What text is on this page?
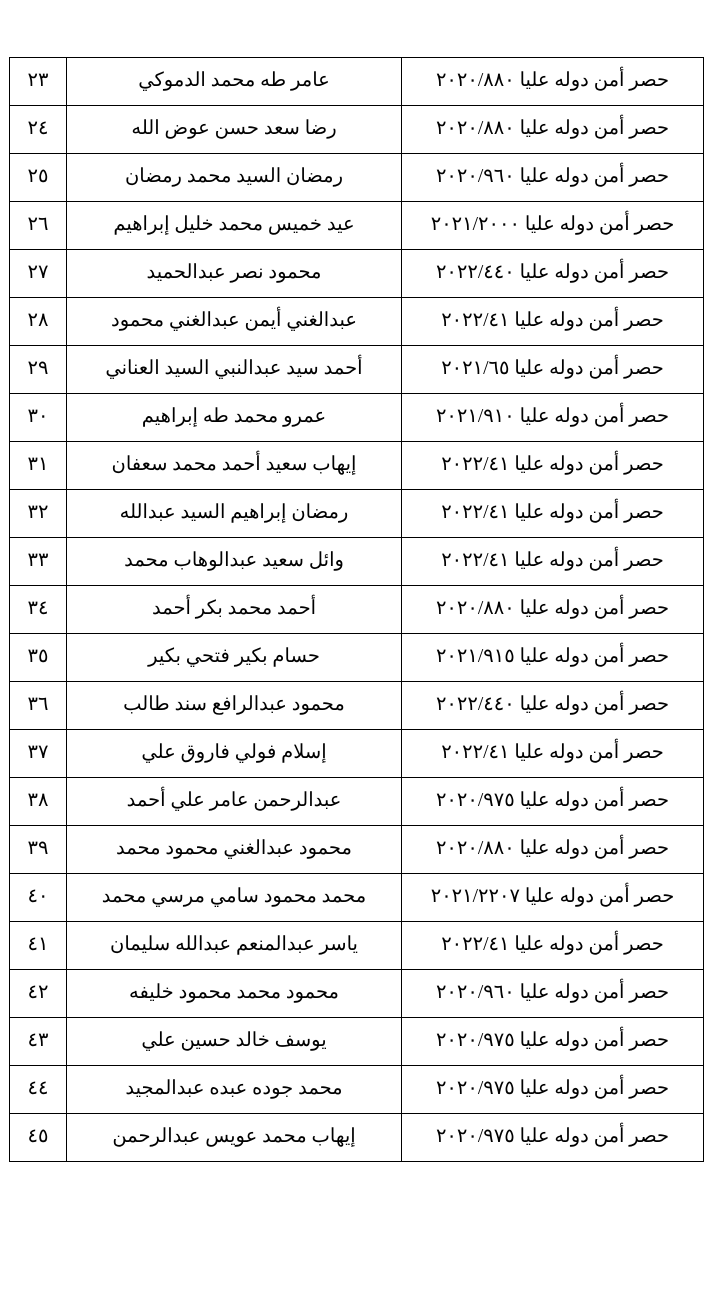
حصر أمن دوله عليا ٢٠٢٠/٨٨٠	عامر طه محمد الدموكي	٢٣
حصر أمن دوله عليا ٢٠٢٠/٨٨٠	رضا سعد حسن عوض الله	٢٤
حصر أمن دوله عليا ٢٠٢٠/٩٦٠	رمضان السيد محمد رمضان	٢٥
حصر أمن دوله عليا ٢٠٢١/٢٠٠٠	عيد خميس محمد خليل إبراهيم	٢٦
حصر أمن دوله عليا ٢٠٢٢/٤٤٠	محمود نصر عبدالحميد	٢٧
حصر أمن دوله عليا ٢٠٢٢/٤١	عبدالغني أيمن عبدالغني محمود	٢٨
حصر أمن دوله عليا ٢٠٢١/٦٥	أحمد سيد عبدالنبي السيد العناني	٢٩
حصر أمن دوله عليا ٢٠٢١/٩١٠	عمرو محمد طه إبراهيم	٣٠
حصر أمن دوله عليا ٢٠٢٢/٤١	إيهاب سعيد أحمد محمد سعفان	٣١
حصر أمن دوله عليا ٢٠٢٢/٤١	رمضان إبراهيم السيد عبدالله	٣٢
حصر أمن دوله عليا ٢٠٢٢/٤١	وائل سعيد عبدالوهاب محمد	٣٣
حصر أمن دوله عليا ٢٠٢٠/٨٨٠	أحمد محمد بكر أحمد	٣٤
حصر أمن دوله عليا ٢٠٢١/٩١٥	حسام بكير فتحي بكير	٣٥
حصر أمن دوله عليا ٢٠٢٢/٤٤٠	محمود عبدالرافع سند طالب	٣٦
حصر أمن دوله عليا ٢٠٢٢/٤١	إسلام فولي فاروق علي	٣٧
حصر أمن دوله عليا ٢٠٢٠/٩٧٥	عبدالرحمن عامر علي أحمد	٣٨
حصر أمن دوله عليا ٢٠٢٠/٨٨٠	محمود عبدالغني محمود محمد	٣٩
حصر أمن دوله عليا ٢٠٢١/٢٢٠٧	محمد محمود سامي مرسي محمد	٤٠
حصر أمن دوله عليا ٢٠٢٢/٤١	ياسر عبدالمنعم عبدالله سليمان	٤١
حصر أمن دوله عليا ٢٠٢٠/٩٦٠	محمود محمد محمود خليفه	٤٢
حصر أمن دوله عليا ٢٠٢٠/٩٧٥	يوسف خالد حسين علي	٤٣
حصر أمن دوله عليا ٢٠٢٠/٩٧٥	محمد جوده عبده عبدالمجيد	٤٤
حصر أمن دوله عليا ٢٠٢٠/٩٧٥	إيهاب محمد عويس عبدالرحمن	٤٥
